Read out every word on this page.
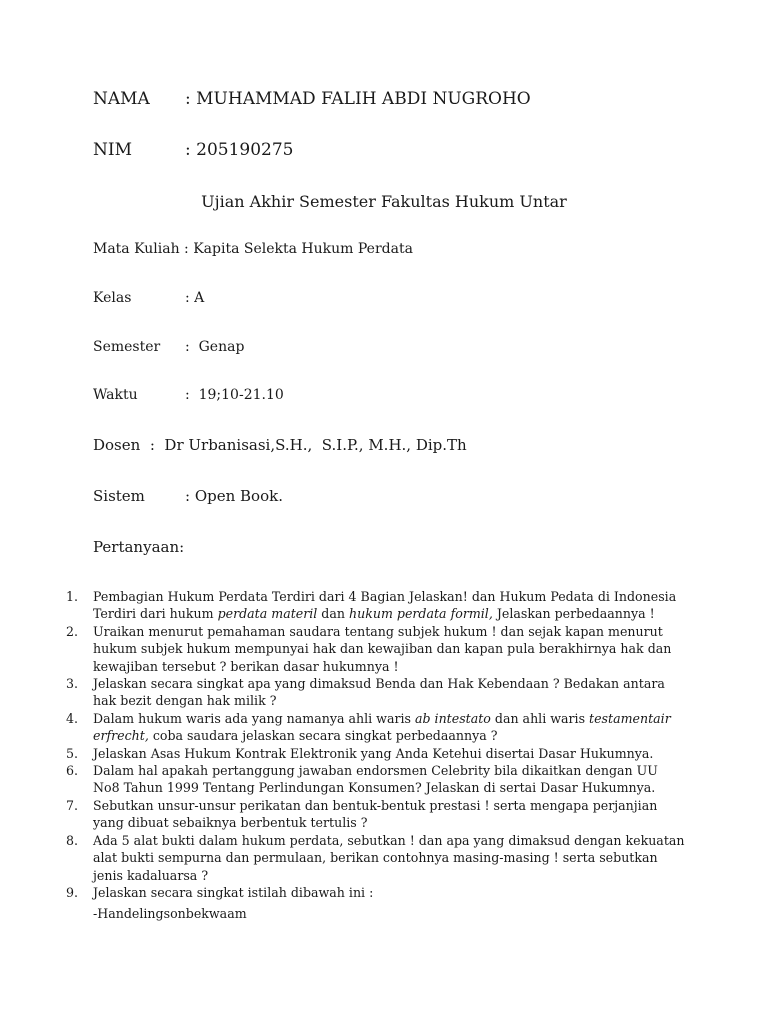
NAMA : MUHAMMAD FALIH ABDI NUGROHO
NIM	: 205190275
Ujian Akhir Semester Fakultas Hukum Untar
Mata Kuliah : Kapita Selekta Hukum Perdata
Kelas	: A
Semester :  Genap
Waktu	:  19;10-21.10
Dosen  :  Dr Urbanisasi,S.H.,  S.I.P., M.H., Dip.Th
Sistem	: Open Book.
Pertanyaan:
1.	Pembagian Hukum Perdata Terdiri dari 4 Bagian Jelaskan! dan Hukum Pedata di Indonesia Terdiri dari hukum perdata materil dan hukum perdata formil, Jelaskan perbedaannya !
2.	Uraikan menurut pemahaman saudara tentang subjek hukum ! dan sejak kapan menurut hukum subjek hukum mempunyai hak dan kewajiban dan kapan pula berakhirnya hak dan kewajiban tersebut ? berikan dasar hukumnya !
3.	Jelaskan secara singkat apa yang dimaksud Benda dan Hak Kebendaan ? Bedakan antara hak bezit dengan hak milik ?
4.	Dalam hukum waris ada yang namanya ahli waris ab intestato dan ahli waris testamentair erfrecht, coba saudara jelaskan secara singkat perbedaannya ?
5.	Jelaskan Asas Hukum Kontrak Elektronik yang Anda Ketehui disertai Dasar Hukumnya.
6.	Dalam hal apakah pertanggung jawaban endorsmen Celebrity bila dikaitkan dengan UU No8 Tahun 1999 Tentang Perlindungan Konsumen? Jelaskan di sertai Dasar Hukumnya.
7.	Sebutkan unsur-unsur perikatan dan bentuk-bentuk prestasi ! serta mengapa perjanjian yang dibuat sebaiknya berbentuk tertulis ?
8.	Ada 5 alat bukti dalam hukum perdata, sebutkan ! dan apa yang dimaksud dengan kekuatan alat bukti sempurna dan permulaan, berikan contohnya masing-masing ! serta sebutkan jenis kadaluarsa ?
9.	Jelaskan secara singkat istilah dibawah ini :
-Handelingsonbekwaam
